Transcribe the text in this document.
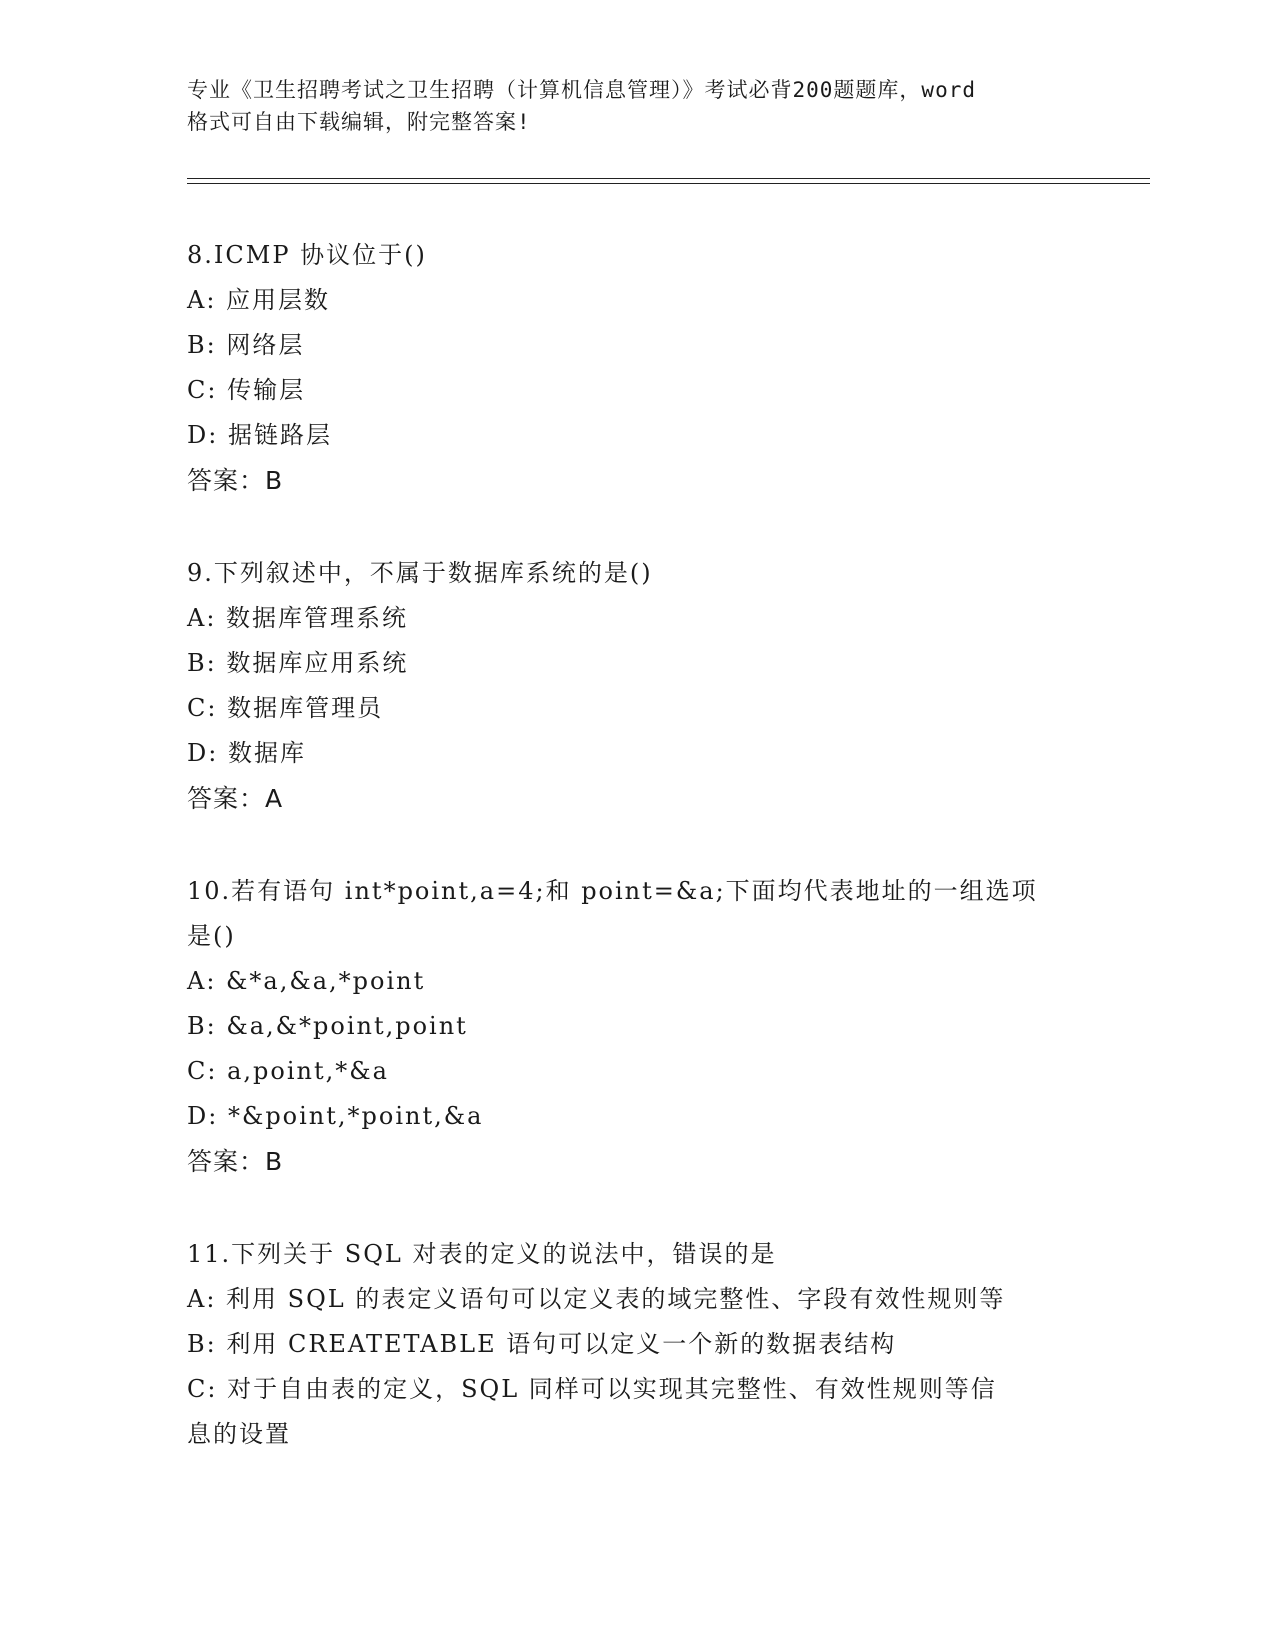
专业《卫生招聘考试之卫生招聘（计算机信息管理）》考试必背200题题库，word
格式可自由下载编辑，附完整答案!
8.ICMP 协议位于()
A: 应用层数
B: 网络层
C: 传输层
D: 据链路层
答案：B
9.下列叙述中，不属于数据库系统的是()
A: 数据库管理系统
B: 数据库应用系统
C: 数据库管理员
D: 数据库
答案：A
10.若有语句 int*point,a=4;和 point=&a;下面均代表地址的一组选项
是()
A: &*a,&a,*point
B: &a,&*point,point
C: a,point,*&a
D: *&point,*point,&a
答案：B
11.下列关于 SQL 对表的定义的说法中，错误的是
A: 利用 SQL 的表定义语句可以定义表的域完整性、字段有效性规则等
B: 利用 CREATETABLE 语句可以定义一个新的数据表结构
C: 对于自由表的定义，SQL 同样可以实现其完整性、有效性规则等信
息的设置
